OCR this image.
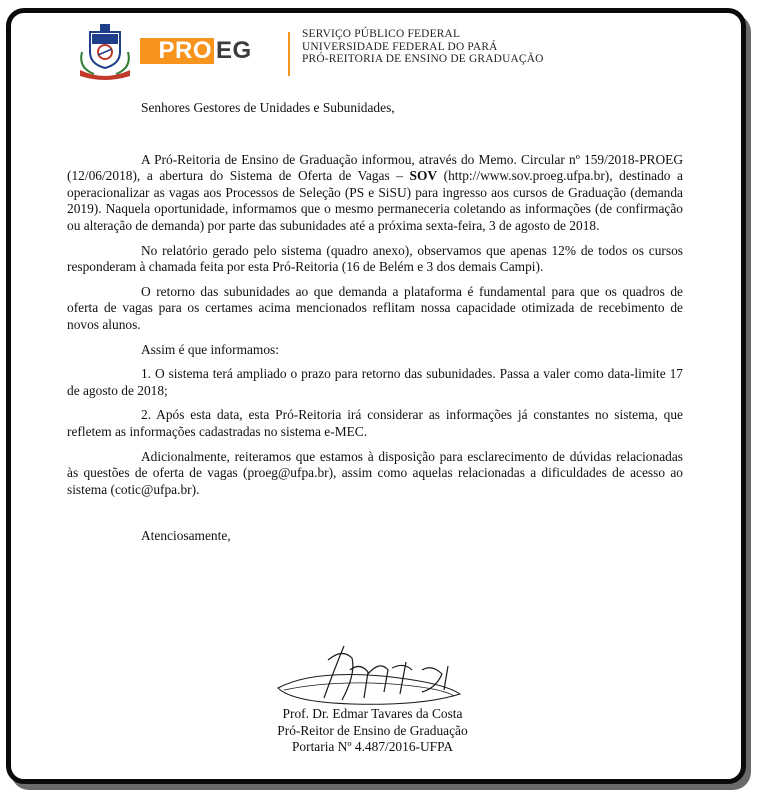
PRO EG
SERVIÇO PÚBLICO FEDERAL
UNIVERSIDADE FEDERAL DO PARÁ
PRÓ-REITORIA DE ENSINO DE GRADUAÇÃO

Senhores Gestores de Unidades e Subunidades,

A Pró-Reitoria de Ensino de Graduação informou, através do Memo. Circular nº 159/2018-PROEG (12/06/2018), a abertura do Sistema de Oferta de Vagas – SOV (http://www.sov.proeg.ufpa.br), destinado a operacionalizar as vagas aos Processos de Seleção (PS e SiSU) para ingresso aos cursos de Graduação (demanda 2019). Naquela oportunidade, informamos que o mesmo permaneceria coletando as informações (de confirmação ou alteração de demanda) por parte das subunidades até a próxima sexta-feira, 3 de agosto de 2018.

No relatório gerado pelo sistema (quadro anexo), observamos que apenas 12% de todos os cursos responderam à chamada feita por esta Pró-Reitoria (16 de Belém e 3 dos demais Campi).

O retorno das subunidades ao que demanda a plataforma é fundamental para que os quadros de oferta de vagas para os certames acima mencionados reflitam nossa capacidade otimizada de recebimento de novos alunos.

Assim é que informamos:

1. O sistema terá ampliado o prazo para retorno das subunidades. Passa a valer como data-limite 17 de agosto de 2018;

2. Após esta data, esta Pró-Reitoria irá considerar as informações já constantes no sistema, que refletem as informações cadastradas no sistema e-MEC.

Adicionalmente, reiteramos que estamos à disposição para esclarecimento de dúvidas relacionadas às questões de oferta de vagas (proeg@ufpa.br), assim como aquelas relacionadas a dificuldades de acesso ao sistema (cotic@ufpa.br).

Atenciosamente,

Prof. Dr. Edmar Tavares da Costa
Pró-Reitor de Ensino de Graduação
Portaria Nº 4.487/2016-UFPA
